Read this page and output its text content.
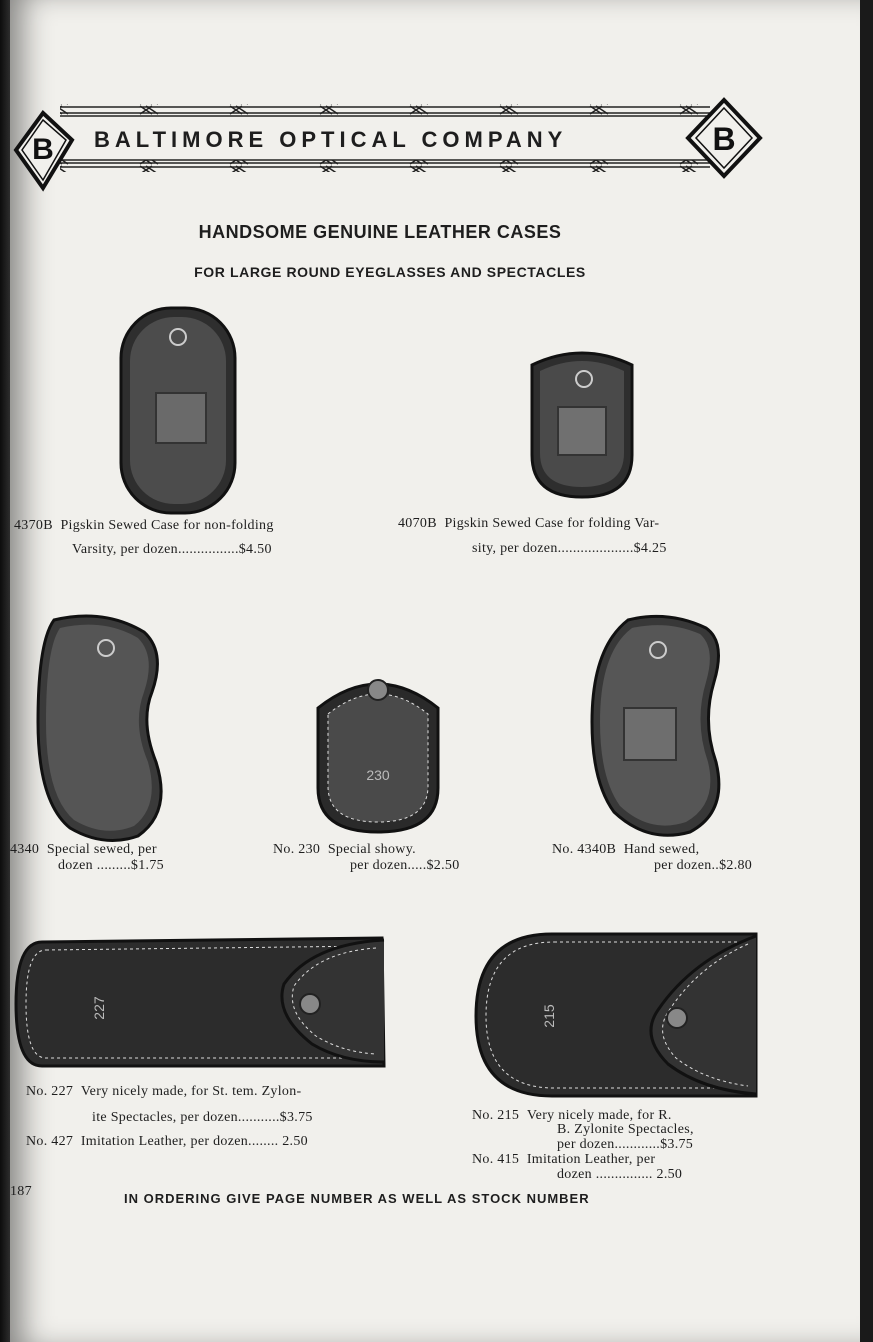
B	B
BALTIMORE OPTICAL COMPANY
HANDSOME GENUINE LEATHER CASES
FOR LARGE ROUND EYEGLASSES AND SPECTACLES
4370B Pigskin Sewed Case for non-folding
Varsity, per dozen................$4.50
4070B Pigskin Sewed Case for folding Var-
sity, per dozen....................$4.25
230
4340 Special sewed, per
dozen .........$1.75
No. 230 Special showy.
per dozen.....$2.50
No. 4340B Hand sewed,
per dozen..$2.80
227	215
No. 227 Very nicely made, for St. tem. Zylon-
ite Spectacles, per dozen...........$3.75
No. 427 Imitation Leather, per dozen........ 2.50
No. 215 Very nicely made, for R.
B. Zylonite Spectacles,
per dozen............$3.75
No. 415 Imitation Leather, per
dozen ............... 2.50
187	IN ORDERING GIVE PAGE NUMBER AS WELL AS STOCK NUMBER
